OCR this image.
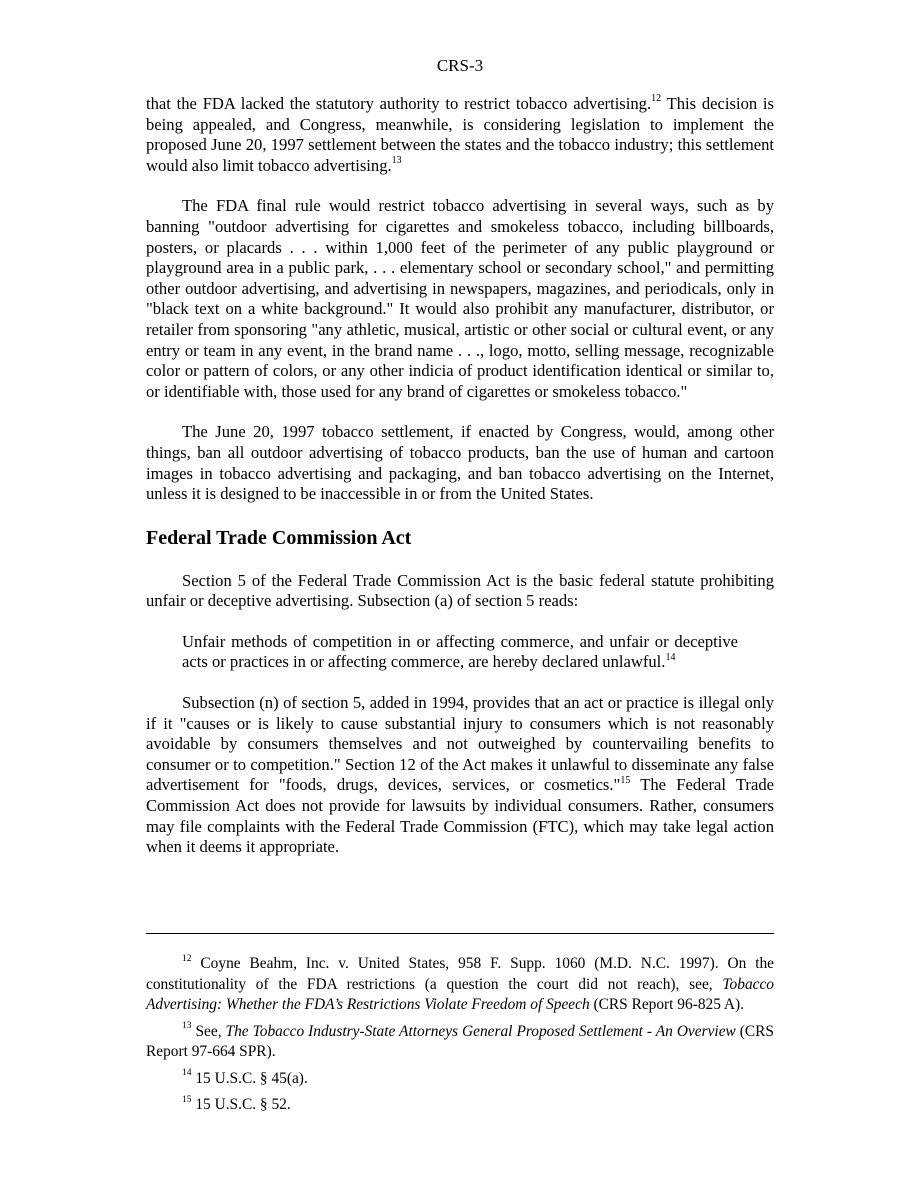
CRS-3

that the FDA lacked the statutory authority to restrict tobacco advertising.$^{12}$ This decision is being appealed, and Congress, meanwhile, is considering legislation to implement the proposed June 20, 1997 settlement between the states and the tobacco industry; this settlement would also limit tobacco advertising.$^{13}$

The FDA final rule would restrict tobacco advertising in several ways, such as by banning "outdoor advertising for cigarettes and smokeless tobacco, including billboards, posters, or placards . . . within 1,000 feet of the perimeter of any public playground or playground area in a public park, . . . elementary school or secondary school," and permitting other outdoor advertising, and advertising in newspapers, magazines, and periodicals, only in "black text on a white background." It would also prohibit any manufacturer, distributor, or retailer from sponsoring "any athletic, musical, artistic or other social or cultural event, or any entry or team in any event, in the brand name . . ., logo, motto, selling message, recognizable color or pattern of colors, or any other indicia of product identification identical or similar to, or identifiable with, those used for any brand of cigarettes or smokeless tobacco."

The June 20, 1997 tobacco settlement, if enacted by Congress, would, among other things, ban all outdoor advertising of tobacco products, ban the use of human and cartoon images in tobacco advertising and packaging, and ban tobacco advertising on the Internet, unless it is designed to be inaccessible in or from the United States.

Federal Trade Commission Act

Section 5 of the Federal Trade Commission Act is the basic federal statute prohibiting unfair or deceptive advertising. Subsection (a) of section 5 reads:

Unfair methods of competition in or affecting commerce, and unfair or deceptive acts or practices in or affecting commerce, are hereby declared unlawful.$^{14}$

Subsection (n) of section 5, added in 1994, provides that an act or practice is illegal only if it "causes or is likely to cause substantial injury to consumers which is not reasonably avoidable by consumers themselves and not outweighed by countervailing benefits to consumer or to competition." Section 12 of the Act makes it unlawful to disseminate any false advertisement for "foods, drugs, devices, services, or cosmetics."$^{15}$ The Federal Trade Commission Act does not provide for lawsuits by individual consumers. Rather, consumers may file complaints with the Federal Trade Commission (FTC), which may take legal action when it deems it appropriate.

$^{12}$ Coyne Beahm, Inc. v. United States, 958 F. Supp. 1060 (M.D. N.C. 1997). On the constitutionality of the FDA restrictions (a question the court did not reach), see, Tobacco Advertising: Whether the FDA’s Restrictions Violate Freedom of Speech (CRS Report 96-825 A).

$^{13}$ See, The Tobacco Industry-State Attorneys General Proposed Settlement - An Overview (CRS Report 97-664 SPR).

$^{14}$ 15 U.S.C. § 45(a).

$^{15}$ 15 U.S.C. § 52.
